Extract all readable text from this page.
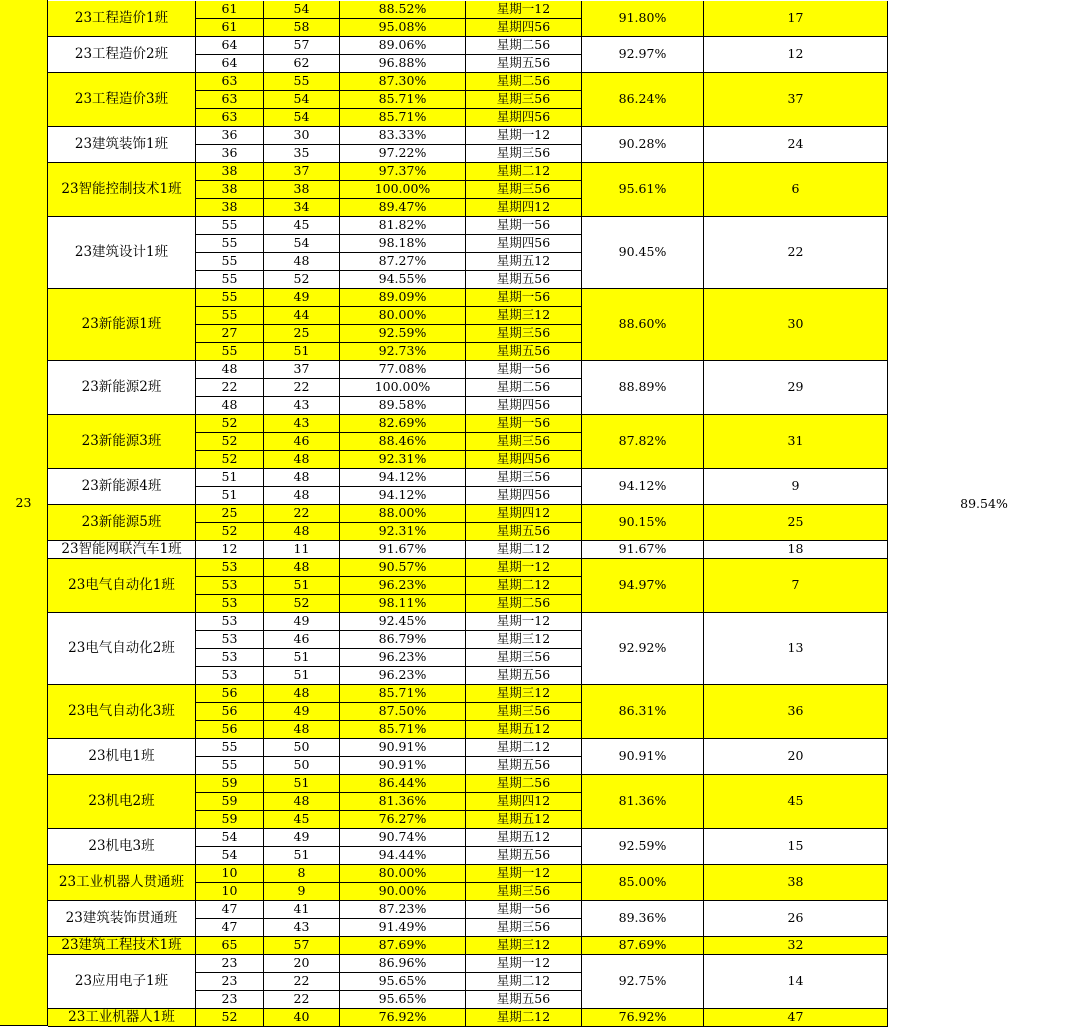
23	89.54%
23工程造价1班	91.80%	17
61	54	88.52%	星期一12
61	58	95.08%	星期四56
23工程造价2班	92.97%	12
64	57	89.06%	星期二56
64	62	96.88%	星期五56
23工程造价3班	86.24%	37
63	55	87.30%	星期二56
63	54	85.71%	星期三56
63	54	85.71%	星期四56
23建筑装饰1班	90.28%	24
36	30	83.33%	星期一12
36	35	97.22%	星期三56
23智能控制技术1班	95.61%	6
38	37	97.37%	星期二12
38	38	100.00%	星期三56
38	34	89.47%	星期四12
23建筑设计1班	90.45%	22
55	45	81.82%	星期一56
55	54	98.18%	星期四56
55	48	87.27%	星期五12
55	52	94.55%	星期五56
23新能源1班	88.60%	30
55	49	89.09%	星期一56
55	44	80.00%	星期三12
27	25	92.59%	星期三56
55	51	92.73%	星期五56
23新能源2班	88.89%	29
48	37	77.08%	星期一56
22	22	100.00%	星期二56
48	43	89.58%	星期四56
23新能源3班	87.82%	31
52	43	82.69%	星期一56
52	46	88.46%	星期三56
52	48	92.31%	星期四56
23新能源4班	94.12%	9
51	48	94.12%	星期三56
51	48	94.12%	星期四56
23新能源5班	90.15%	25
25	22	88.00%	星期四12
52	48	92.31%	星期五56
23智能网联汽车1班	91.67%	18
12	11	91.67%	星期二12
23电气自动化1班	94.97%	7
53	48	90.57%	星期一12
53	51	96.23%	星期二12
53	52	98.11%	星期二56
23电气自动化2班	92.92%	13
53	49	92.45%	星期一12
53	46	86.79%	星期三12
53	51	96.23%	星期三56
53	51	96.23%	星期五56
23电气自动化3班	86.31%	36
56	48	85.71%	星期三12
56	49	87.50%	星期三56
56	48	85.71%	星期五12
23机电1班	90.91%	20
55	50	90.91%	星期二12
55	50	90.91%	星期五56
23机电2班	81.36%	45
59	51	86.44%	星期二56
59	48	81.36%	星期四12
59	45	76.27%	星期五12
23机电3班	92.59%	15
54	49	90.74%	星期五12
54	51	94.44%	星期五56
23工业机器人贯通班	85.00%	38
10	8	80.00%	星期一12
10	9	90.00%	星期三56
23建筑装饰贯通班	89.36%	26
47	41	87.23%	星期一56
47	43	91.49%	星期三56
23建筑工程技术1班	87.69%	32
65	57	87.69%	星期三12
23应用电子1班	92.75%	14
23	20	86.96%	星期一12
23	22	95.65%	星期二12
23	22	95.65%	星期五56
23工业机器人1班	76.92%	47
52	40	76.92%	星期二12
